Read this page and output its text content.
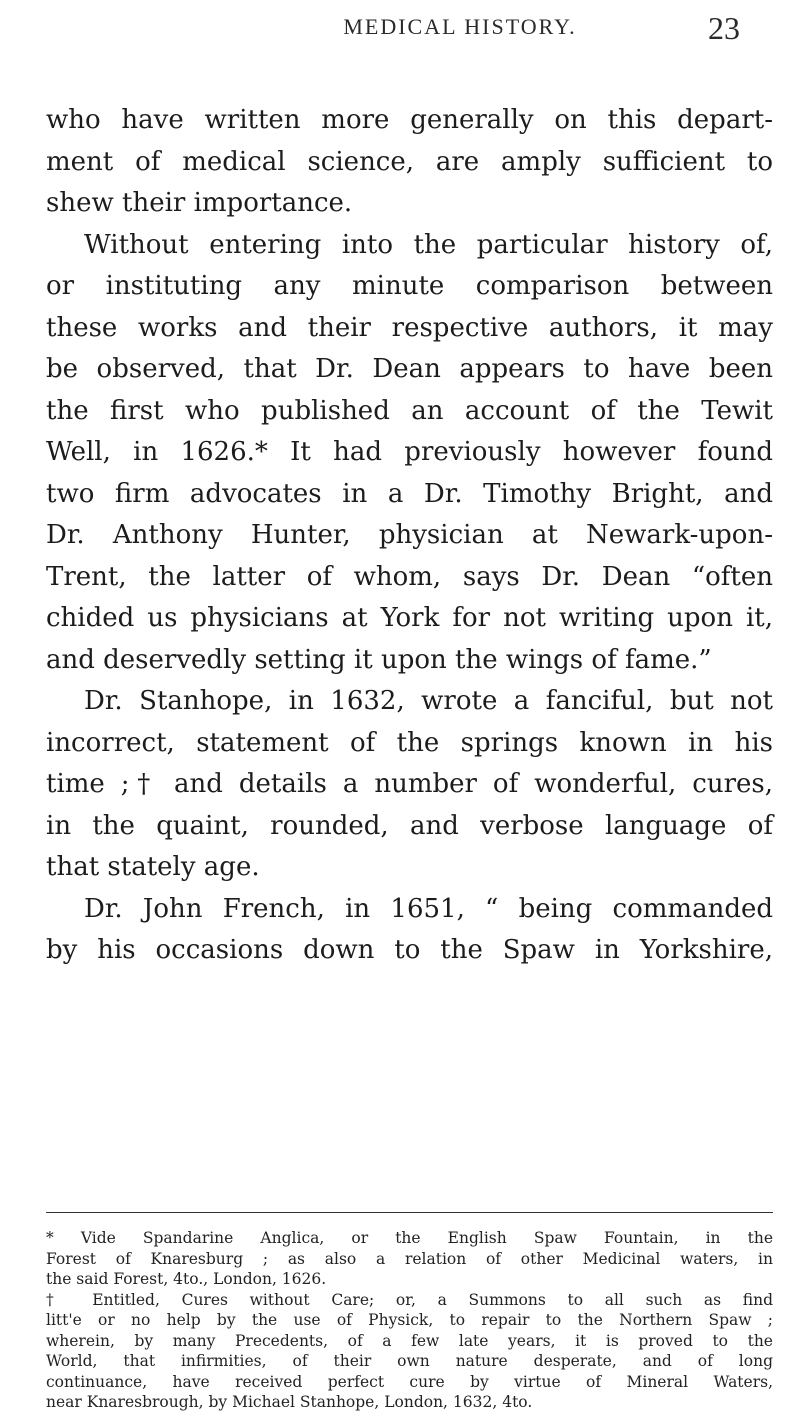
MEDICAL HISTORY.	23
who have written more generally on this depart-
ment of medical science, are amply sufficient to
shew their importance.
Without entering into the particular history of,
or instituting any minute comparison between
these works and their respective authors, it may
be observed, that Dr. Dean appears to have been
the first who published an account of the Tewit
Well, in 1626.* It had previously however found
two firm advocates in a Dr. Timothy Bright, and
Dr. Anthony Hunter, physician at Newark-upon-
Trent, the latter of whom, says Dr. Dean “often
chided us physicians at York for not writing upon it,
and deservedly setting it upon the wings of fame.”
Dr. Stanhope, in 1632, wrote a fanciful, but not
incorrect, statement of the springs known in his
time ;† and details a number of wonderful, cures,
in the quaint, rounded, and verbose language of
that stately age.
Dr. John French, in 1651, “ being commanded
by his occasions down to the Spaw in Yorkshire,
* Vide Spandarine Anglica, or the English Spaw Fountain, in the
Forest of Knaresburg ; as also a relation of other Medicinal waters, in
the said Forest, 4to., London, 1626.
† Entitled, Cures without Care; or, a Summons to all such as find
litt'e or no help by the use of Physick, to repair to the Northern Spaw ;
wherein, by many Precedents, of a few late years, it is proved to the
World, that infirmities, of their own nature desperate, and of long
continuance, have received perfect cure by virtue of Mineral Waters,
near Knaresbrough, by Michael Stanhope, London, 1632, 4to.
